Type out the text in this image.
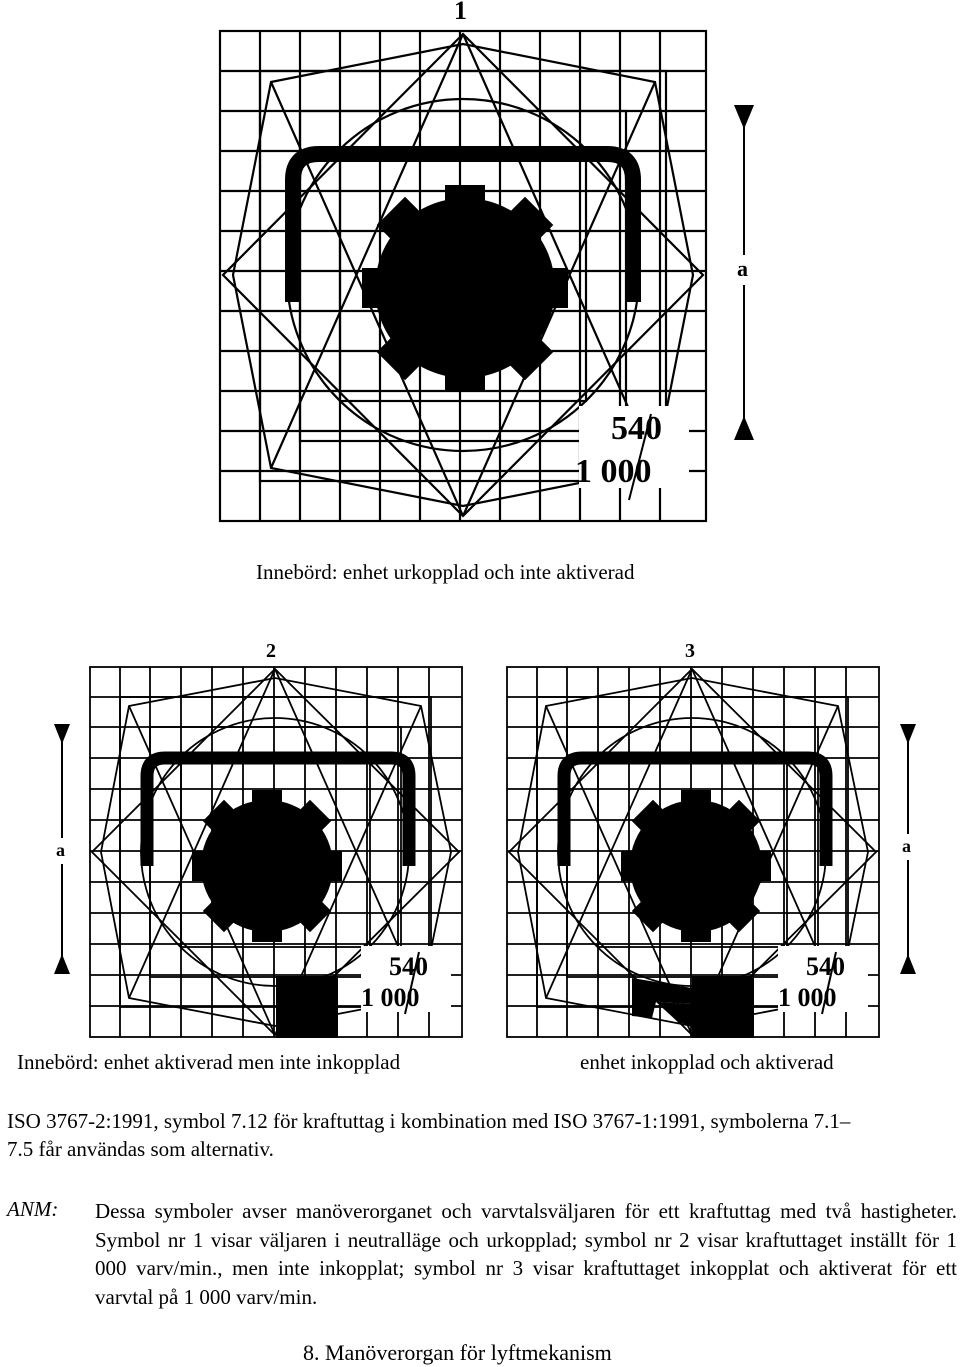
540
1 000
1
a
Innebörd: enhet urkopplad och inte aktiverad
540
1 000
2
a
Innebörd: enhet aktiverad men inte inkopplad
540
1 000
3
a
enhet inkopplad och aktiverad
ISO 3767-2:1991, symbol 7.12 för kraftuttag i kombination med ISO 3767-1:1991, symbolerna 7.1–7.5 får användas som alternativ.
ANM: Dessa symboler avser manöverorganet och varvtalsväljaren för ett kraftuttag med två hastigheter. Symbol nr 1 visar väljaren i neutralläge och urkopplad; symbol nr 2 visar kraftuttaget inställt för 1 000 varv/min., men inte inkopplat; symbol nr 3 visar kraftuttaget inkopplat och aktiverat för ett varvtal på 1 000 varv/min.
8. Manöverorgan för lyftmekanism
